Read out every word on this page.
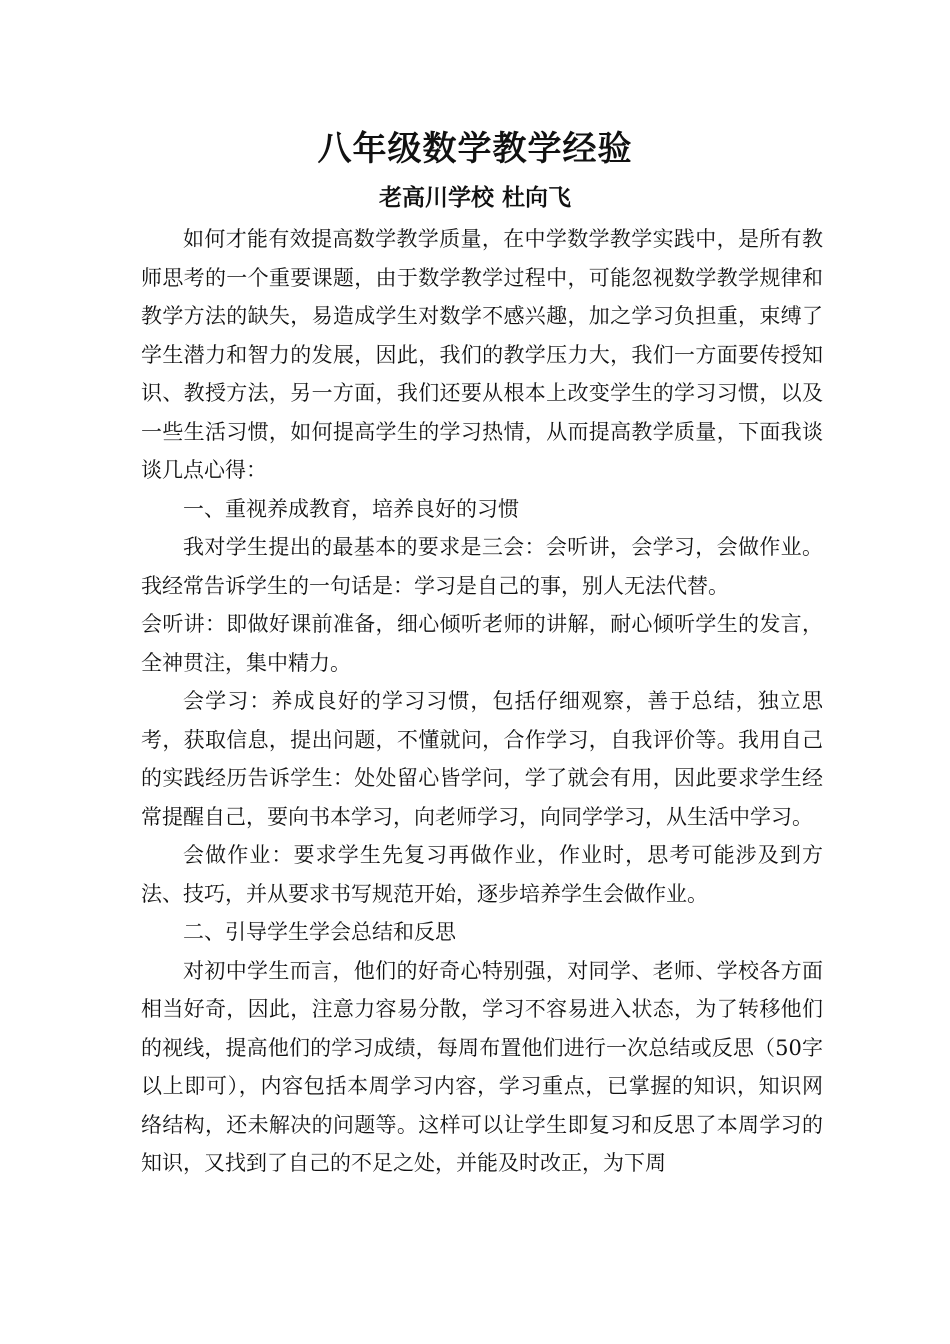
八年级数学教学经验
老高川学校 杜向飞

如何才能有效提高数学教学质量，在中学数学教学实践中，是所有教师思考的一个重要课题，由于数学教学过程中，可能忽视数学教学规律和教学方法的缺失，易造成学生对数学不感兴趣，加之学习负担重，束缚了学生潜力和智力的发展，因此，我们的教学压力大，我们一方面要传授知识、教授方法，另一方面，我们还要从根本上改变学生的学习习惯，以及一些生活习惯，如何提高学生的学习热情，从而提高教学质量，下面我谈谈几点心得：

一、重视养成教育，培养良好的习惯

我对学生提出的最基本的要求是三会：会听讲，会学习，会做作业。我经常告诉学生的一句话是：学习是自己的事，别人无法代替。

会听讲：即做好课前准备，细心倾听老师的讲解，耐心倾听学生的发言，全神贯注，集中精力。

会学习：养成良好的学习习惯，包括仔细观察，善于总结，独立思考，获取信息，提出问题，不懂就问，合作学习，自我评价等。我用自己的实践经历告诉学生：处处留心皆学问，学了就会有用，因此要求学生经常提醒自己，要向书本学习，向老师学习，向同学学习，从生活中学习。

会做作业：要求学生先复习再做作业，作业时，思考可能涉及到方法、技巧，并从要求书写规范开始，逐步培养学生会做作业。

二、引导学生学会总结和反思

对初中学生而言，他们的好奇心特别强，对同学、老师、学校各方面相当好奇，因此，注意力容易分散，学习不容易进入状态，为了转移他们的视线，提高他们的学习成绩，每周布置他们进行一次总结或反思（50字以上即可），内容包括本周学习内容，学习重点，已掌握的知识，知识网络结构，还未解决的问题等。这样可以让学生即复习和反思了本周学习的知识，又找到了自己的不足之处，并能及时改正，为下周
